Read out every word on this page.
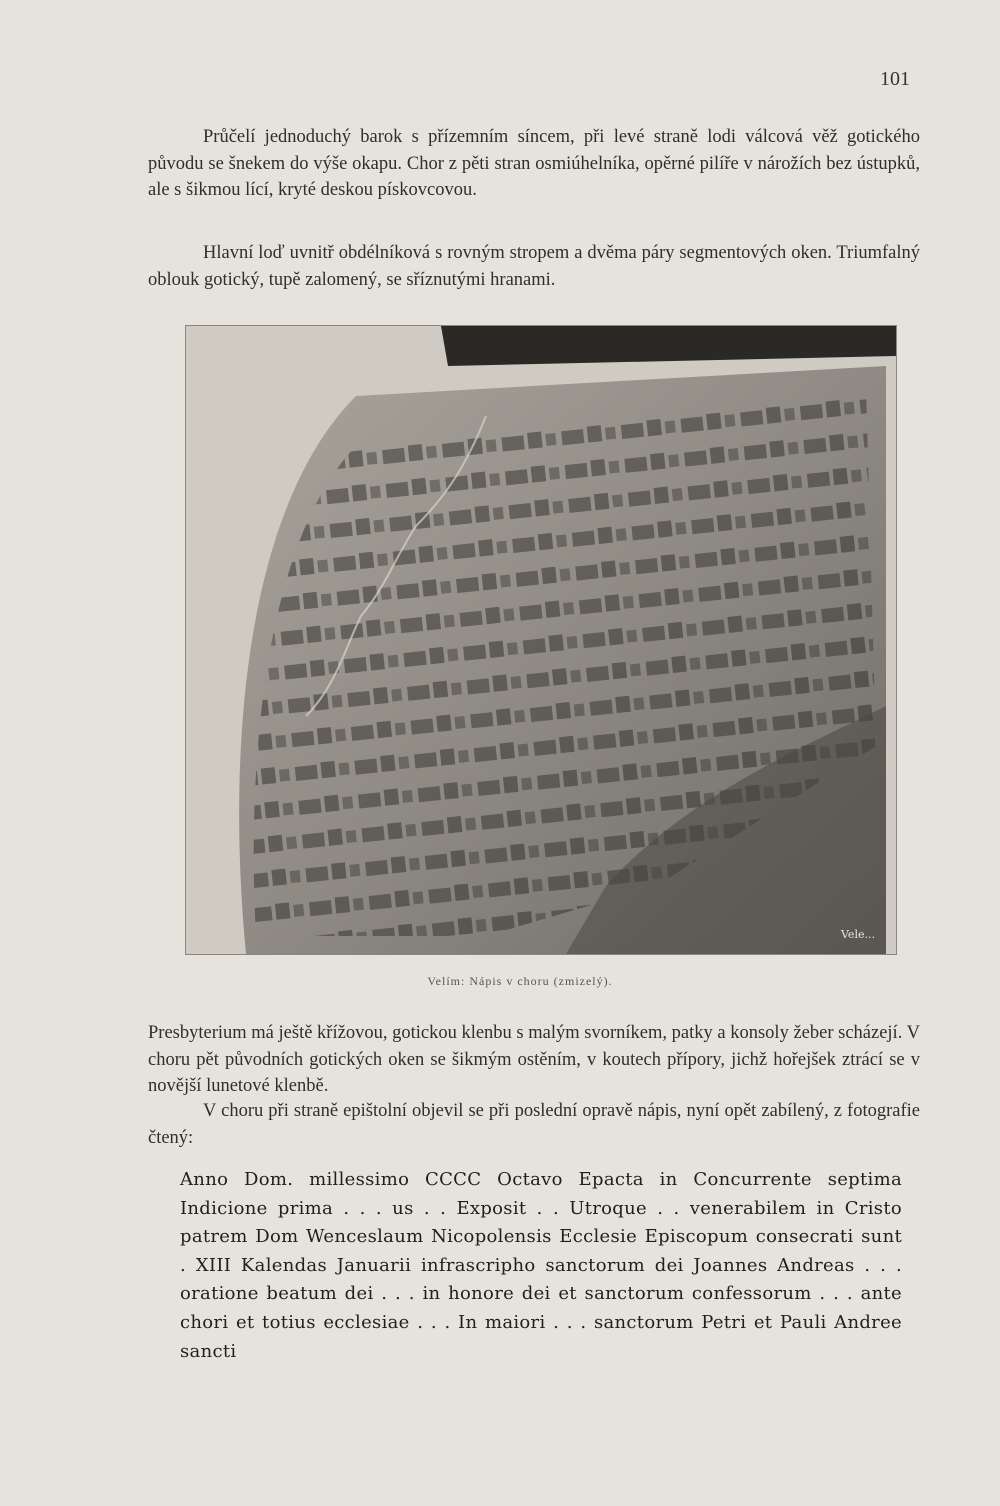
101

Průčelí jednoduchý barok s přízemním síncem, při levé straně lodi válcová věž gotického původu se šnekem do výše okapu. Chor z pěti stran osmiúhelníka, opěrné pilíře v nárožích bez ústupků, ale s šikmou lící, kryté deskou pískovcovou.

Hlavní loď uvnitř obdélníková s rovným stropem a dvěma páry segmentových oken. Triumfalný oblouk gotický, tupě zalomený, se sříznutými hranami.

Vele...
Velím: Nápis v choru (zmizelý).

Presbyterium má ještě křížovou, gotickou klenbu s malým svorníkem, patky a konsoly žeber scházejí. V choru pět původních gotických oken se šikmým ostěním, v koutech přípory, jichž hořejšek ztrácí se v novější lunetové klenbě.

V choru při straně epištolní objevil se při poslední opravě nápis, nyní opět zabílený, z fotografie čtený:

Anno Dom. millessimo CCCC Octavo Epacta in Concurrente septima Indicione prima . . . us . . Exposit . . Utroque . . venerabilem in Cristo patrem Dom Wenceslaum Nicopolensis Ecclesie Episcopum consecrati sunt . XIII Kalendas Januarii infrascripho sanctorum dei Joannes Andreas . . . oratione beatum dei . . . in honore dei et sanctorum confessorum . . . ante chori et totius ecclesiae . . . In maiori . . . sanctorum Petri et Pauli Andree sancti
